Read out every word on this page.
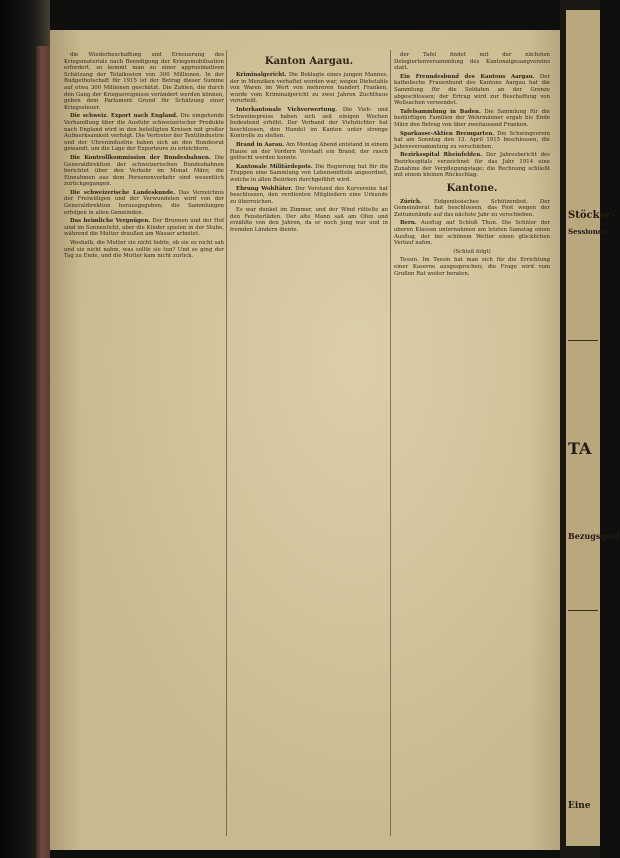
die Wiederbeschaffung und Erneuerung des Kriegsmaterials nach Beendigung der Kriegsmobilisation erfordert, so kommt man zu einer approximativen Schätzung der Totalkosten von 300 Millionen. In der Budgetbotschaft für 1915 ist der Betrag dieser Summe auf etwa 300 Millionen geschätzt. Die Zahlen, die durch den Gang der Kriegsereignisse verändert werden können, geben dem Parlament Grund für Schätzung einer Kriegssteuer.

Die schweiz. Export nach England. Die eingehende Verhandlung über die Ausfuhr schweizerischer Produkte nach England wird in den beteiligten Kreisen mit großer Aufmerksamkeit verfolgt. Die Vertreter der Textilindustrie und der Uhrenindustrie haben sich an den Bundesrat gewandt, um die Lage der Exporteure zu erleichtern.

Die Kontrollkommission der Bundesbahnen. Die Generaldirektion der schweizerischen Bundesbahnen berichtet über den Verkehr im Monat März; die Einnahmen aus dem Personenverkehr sind wesentlich zurückgegangen.

Die schweizerische Landeskunde. Das Verzeichnis der Freiwilligen und der Verwundeten wird von der Generaldirektion herausgegeben; die Sammlungen erfolgen in allen Gemeinden.

Das heimliche Vergnügen. Der Brunnen und der Hof sind im Sonnenlicht, aber die Kinder spielen in der Stube, während die Mutter draußen am Wasser arbeitet.

Weshalb, die Mutter sie nicht liebte, ob sie es nicht sah und sie nicht nahm, was sollte sie tun? Und so ging der Tag zu Ende, und die Mutter kam nicht zurück.

Kanton Aargau.

Kriminalgericht. Die Beklagte eines jungen Mannes, der in Menziken verhaftet worden war, wegen Diebstahls von Waren im Wert von mehreren hundert Franken, wurde vom Kriminalgericht zu zwei Jahren Zuchthaus verurteilt.

Interkantonale Viehverwertung. Die Vieh- und Schweinepreise haben sich seit einigen Wochen bedeutend erhöht. Der Verband der Viehzüchter hat beschlossen, den Handel im Kanton unter strenge Kontrolle zu stellen.

Brand in Aarau. Am Montag Abend entstand in einem Hause an der Vordern Vorstadt ein Brand, der rasch gelöscht werden konnte.

Kantonale Militärdepots. Die Regierung hat für die Truppen eine Sammlung von Lebensmitteln angeordnet, welche in allen Bezirken durchgeführt wird.

Ehrung Wohltäter. Der Vorstand des Kurvereins hat beschlossen, den verdienten Mitgliedern eine Urkunde zu überreichen.

Es war dunkel im Zimmer, und der Wind rüttelte an den Fensterläden. Der alte Mann saß am Ofen und erzählte von den Jahren, da er noch jung war und in fremden Ländern diente.

der Tafel findet mit der nächsten Delegiertenversammlung des Kantonalgesangvereins statt.

Ein Freundesbund des Kantons Aargau. Der katholische Frauenbund des Kantons Aargau hat die Sammlung für die Soldaten an der Grenze abgeschlossen; der Ertrag wird zur Beschaffung von Wollsachen verwendet.

Tafelsammlung in Baden. Die Sammlung für die bedürftigen Familien der Wehrmänner ergab bis Ende März den Betrag von über zweitausend Franken.

Sparkasse-Aktien Bremgarten. Die Schwingverein hat am Sonntag den 13. April 1915 beschlossen, die Jahresversammlung zu verschieben.

Bezirksspital Rheinfelden. Der Jahresbericht des Bezirksspitals verzeichnet für das Jahr 1914 eine Zunahme der Verpflegungstage; die Rechnung schließt mit einem kleinen Rückschlag.

Kantone.

Zürich. Eidgenössisches Schützenfest. Der Gemeinderat hat beschlossen, das Fest wegen der Zeitumstände auf das nächste Jahr zu verschieben.

Bern. Ausflug auf Schloß Thun. Die Schüler der oberen Klassen unternahmen am letzten Samstag einen Ausflug, der bei schönem Wetter einen glücklichen Verlauf nahm.

(Schluß folgt)

Tessin. Im Tessin hat man sich für die Errichtung einer Kaserne ausgesprochen; die Frage wird vom Großen Rat weiter beraten.

Stöcker-
Sessionen
TA
Bezugsquel
Eine
